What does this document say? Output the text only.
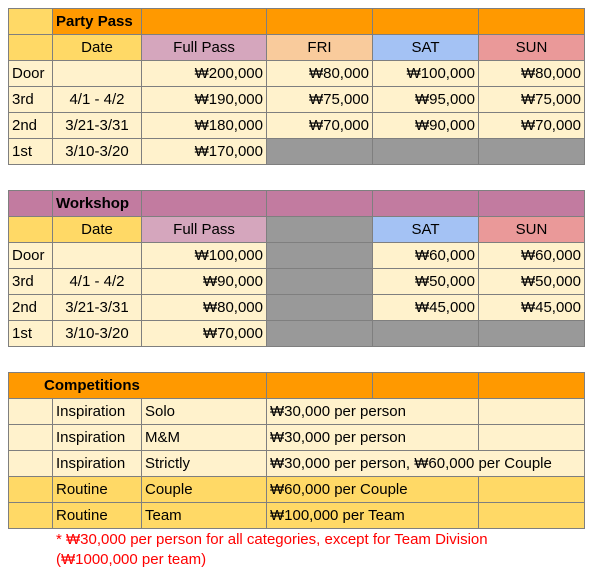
	Party Pass				
	Date	Full Pass	FRI	SAT	SUN
Door		₩200,000	₩80,000	₩100,000	₩80,000
3rd	4/1 - 4/2	₩190,000	₩75,000	₩95,000	₩75,000
2nd	3/21-3/31	₩180,000	₩70,000	₩90,000	₩70,000
1st	3/10-3/20	₩170,000			
	Workshop				
	Date	Full Pass		SAT	SUN
Door		₩100,000		₩60,000	₩60,000
3rd	4/1 - 4/2	₩90,000		₩50,000	₩50,000
2nd	3/21-3/31	₩80,000		₩45,000	₩45,000
1st	3/10-3/20	₩70,000			
Competitions					
	Inspiration	Solo	₩30,000 per person		
	Inspiration	M&M	₩30,000 per person		
	Inspiration	Strictly	₩30,000 per person, ₩60,000 per Couple		
	Routine	Couple	₩60,000 per Couple		
	Routine	Team	₩100,000 per Team		
* ₩30,000 per person for all categories, except for Team Division
(₩1000,000 per team)
